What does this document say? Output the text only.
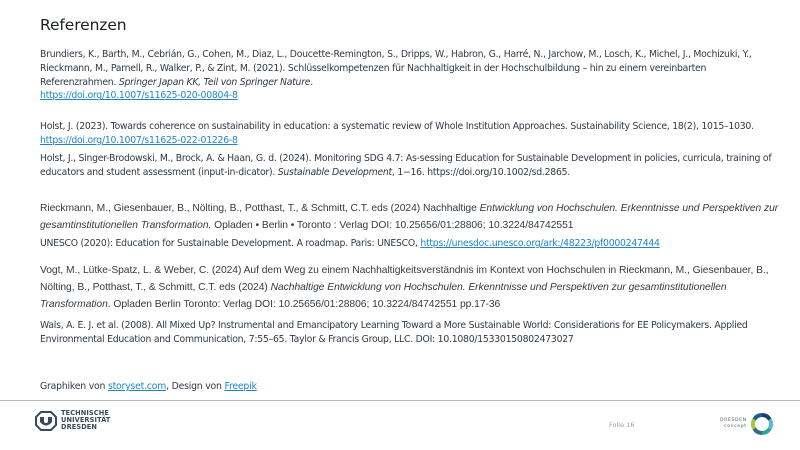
Referenzen
Brundiers, K., Barth, M., Cebrián, G., Cohen, M., Diaz, L., Doucette-Remington, S., Dripps, W., Habron, G., Harré, N., Jarchow, M., Losch, K., Michel, J., Mochizuki, Y., Rieckmann, M., Parnell, R., Walker, P., & Zint, M. (2021). Schlüsselkompetenzen für Nachhaltigkeit in der Hochschulbildung – hin zu einem vereinbarten Referenzrahmen. Springer Japan KK, Teil von Springer Nature.
https://doi.org/10.1007/s11625-020-00804-8
Holst, J. (2023). Towards coherence on sustainability in education: a systematic review of Whole Institution Approaches. Sustainability Science, 18(2), 1015–1030. https://doi.org/10.1007/s11625-022-01226-8
Holst, J., Singer-Brodowski, M., Brock, A. & Haan, G. d. (2024). Monitoring SDG 4.7: As-sessing Education for Sustainable Development in policies, curricula, training of educators and student assessment (input-in-dicator). Sustainable Development, 1−16. https://doi.org/10.1002/sd.2865.
Rieckmann, M., Giesenbauer, B., Nölting, B., Potthast, T., & Schmitt, C.T. eds (2024) Nachhaltige Entwicklung von Hochschulen. Erkenntnisse und Perspektiven zur gesamtinstitutionellen Transformation. Opladen • Berlin • Toronto : Verlag DOI: 10.25656/01:28806; 10.3224/84742551
UNESCO (2020): Education for Sustainable Development. A roadmap. Paris: UNESCO, https://unesdoc.unesco.org/ark:/48223/pf0000247444
Vogt, M., Lütke-Spatz, L. & Weber, C. (2024) Auf dem Weg zu einem Nachhaltigkeitsverständnis im Kontext von Hochschulen in Rieckmann, M., Giesenbauer, B., Nölting, B., Potthast, T., & Schmitt, C.T. eds (2024) Nachhaltige Entwicklung von Hochschulen. Erkenntnisse und Perspektiven zur gesamtinstitutionellen Transformation. Opladen Berlin Toronto: Verlag DOI: 10.25656/01:28806; 10.3224/84742551 pp.17-36
Wals, A. E. J. et al. (2008). All Mixed Up? Instrumental and Emancipatory Learning Toward a More Sustainable World: Considerations for EE Policymakers. Applied Environmental Education and Communication, 7:55–65. Taylor & Francis Group, LLC. DOI: 10.1080/15330150802473027
Graphiken von storyset.com, Design von Freepik
TECHNISCHE
UNIVERSITÄT
DRESDEN	Folie 16
DRESDEN
concept
